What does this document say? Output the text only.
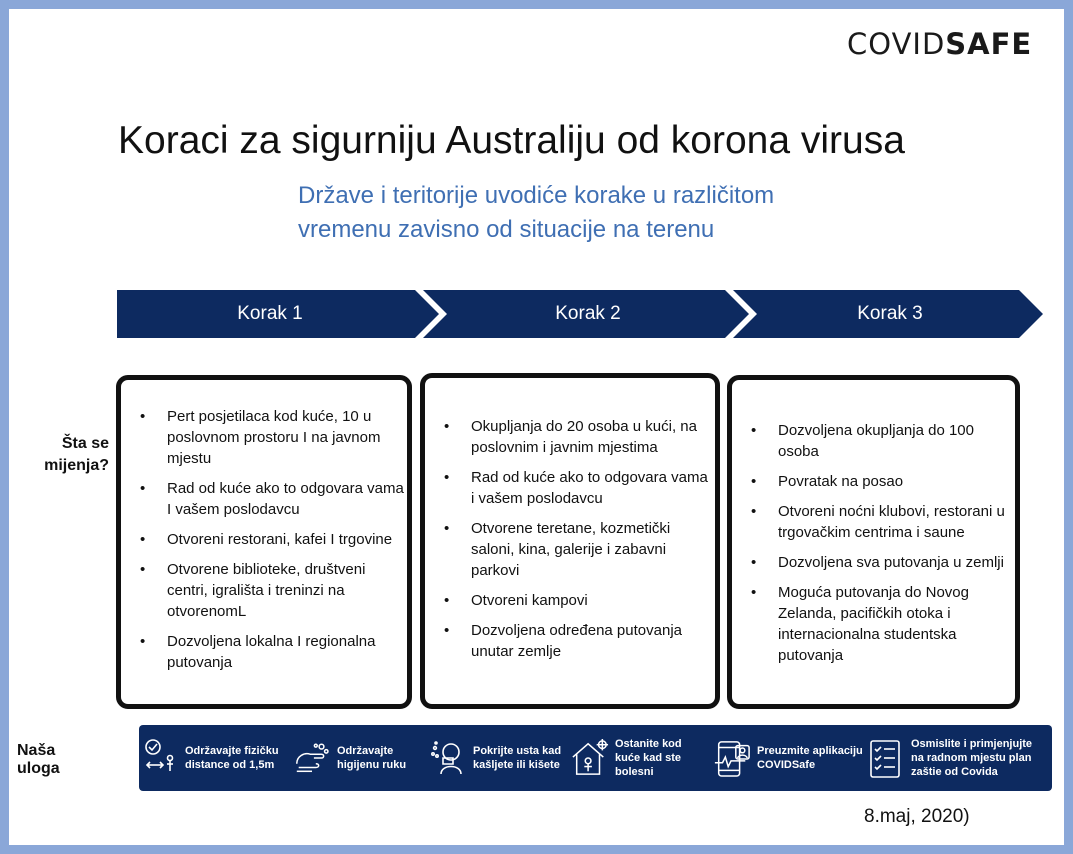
COVIDSAFE
Koraci za sigurniju Australiju od korona virusa
Države i teritorije uvodiće korake u različitom
vremenu zavisno od situacije na terenu
Korak 1	Korak 2	Korak 3
Šta se
mijenja?
• Pert posjetilaca kod kuće, 10 u poslovnom prostoru I na javnom mjestu
• Rad od kuće ako to odgovara vama I vašem poslodavcu
• Otvoreni restorani, kafei I trgovine
• Otvorene biblioteke, društveni centri, igrališta i treninzi na otvorenomL
• Dozvoljena lokalna I regionalna putovanja
• Okupljanja do 20 osoba u kući, na poslovnim i javnim mjestima
• Rad od kuće ako to odgovara vama i vašem poslodavcu
• Otvorene teretane, kozmetički saloni, kina, galerije i zabavni parkovi
• Otvoreni kampovi
• Dozvoljena određena putovanja unutar zemlje
• Dozvoljena okupljanja do 100 osoba
• Povratak na posao
• Otvoreni noćni klubovi, restorani u trgovačkim centrima i saune
• Dozvoljena sva putovanja u zemlji
• Moguća putovanja do Novog Zelanda, pacifičkih otoka i internacionalna studentska putovanja
Naša uloga
Održavajte fizičku distance od 1,5m
Održavajte higijenu ruku
Pokrijte usta kad kašljete ili kišete
Ostanite kod kuće kad ste bolesni
Preuzmite aplikaciju COVIDSafe
Osmislite i primjenjujte na radnom mjestu plan zaštie od Covida
8.maj, 2020)
